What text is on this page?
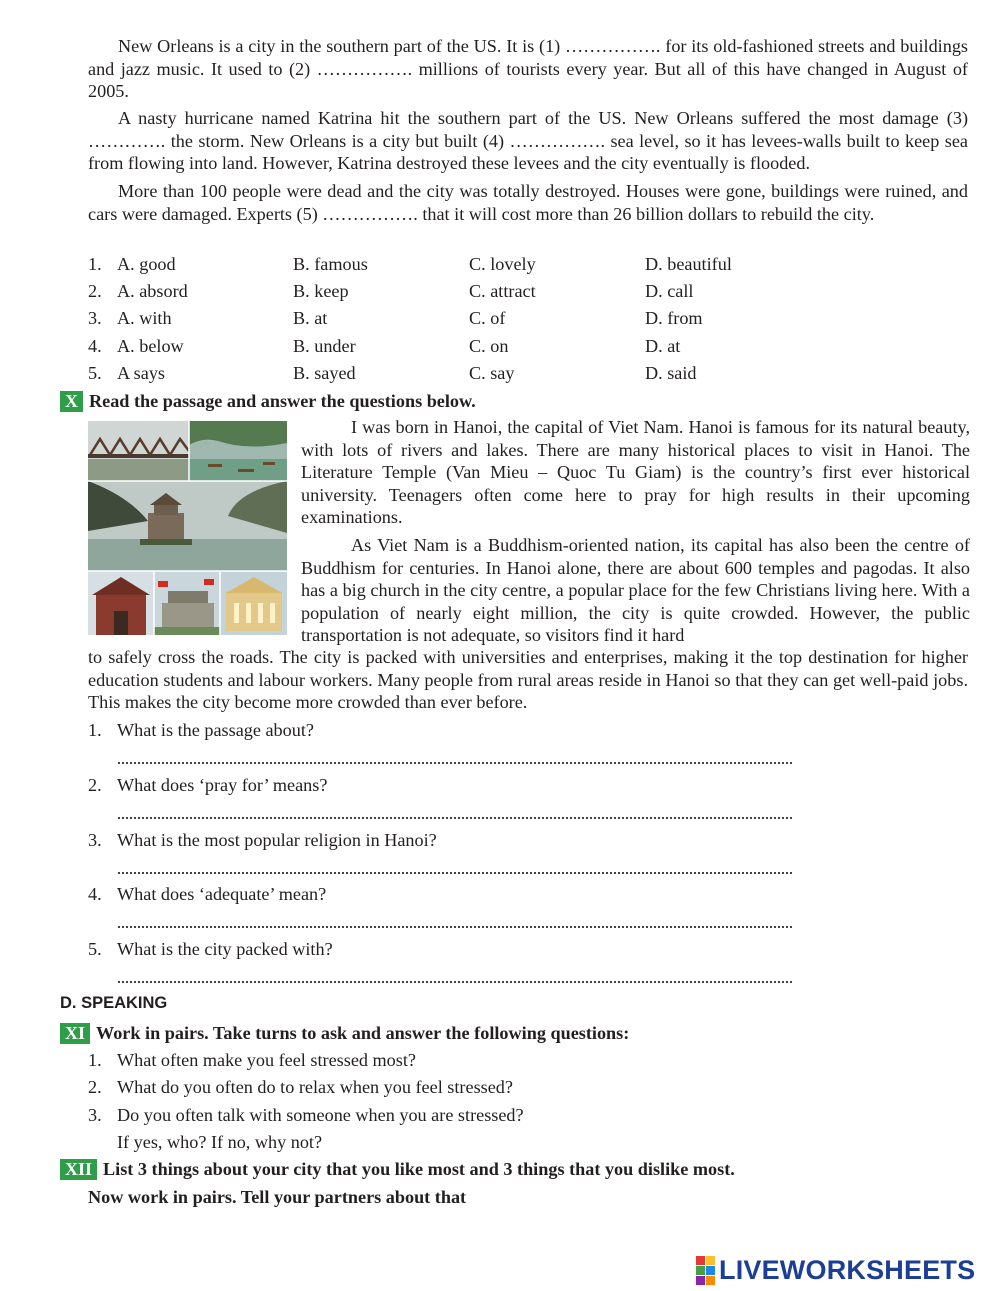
New Orleans is a city in the southern part of the US. It is (1) ……………. for its old-fashioned streets and buildings and jazz music. It used to (2) ……………. millions of tourists every year. But all of this have changed in August of 2005.

A nasty hurricane named Katrina hit the southern part of the US. New Orleans suffered the most damage (3) …………. the storm. New Orleans is a city but built (4) ……………. sea level, so it has levees-walls built to keep sea from flowing into land. However, Katrina destroyed these levees and the city eventually is flooded.

More than 100 people were dead and the city was totally destroyed. Houses were gone, buildings were ruined, and cars were damaged. Experts (5) ……………. that it will cost more than 26 billion dollars to rebuild the city.

1. A. good	B. famous	C. lovely	D. beautiful
2. A. absord	B. keep	C. attract	D. call
3. A. with	B. at	C. of	D. from
4. A. below	B. under	C. on	D. at
5. A says	B. sayed	C. say	D. said
X Read the passage and answer the questions below.
I was born in Hanoi, the capital of Viet Nam. Hanoi is famous for its natural beauty, with lots of rivers and lakes. There are many historical places to visit in Hanoi. The Literature Temple (Van Mieu – Quoc Tu Giam) is the country’s first ever historical university. Teenagers often come here to pray for high results in their upcoming examinations.
As Viet Nam is a Buddhism-oriented nation, its capital has also been the centre of Buddhism for centuries. In Hanoi alone, there are about 600 temples and pagodas. It also has a big church in the city centre, a popular place for the few Christians living here. With a population of nearly eight million, the city is quite crowded. However, the public transportation is not adequate, so visitors find it hard
to safely cross the roads. The city is packed with universities and enterprises, making it the top destination for higher education students and labour workers. Many people from rural areas reside in Hanoi so that they can get well-paid jobs. This makes the city become more crowded than ever before.
1. What is the passage about?
2. What does ‘pray for’ means?
3. What is the most popular religion in Hanoi?
4. What does ‘adequate’ mean?
5. What is the city packed with?
D. SPEAKING
XI Work in pairs. Take turns to ask and answer the following questions:
1. What often make you feel stressed most?
2. What do you often do to relax when you feel stressed?
3. Do you often talk with someone when you are stressed?
If yes, who? If no, why not?
XII List 3 things about your city that you like most and 3 things that you dislike most.
Now work in pairs. Tell your partners about that
LIVEWORKSHEETS
